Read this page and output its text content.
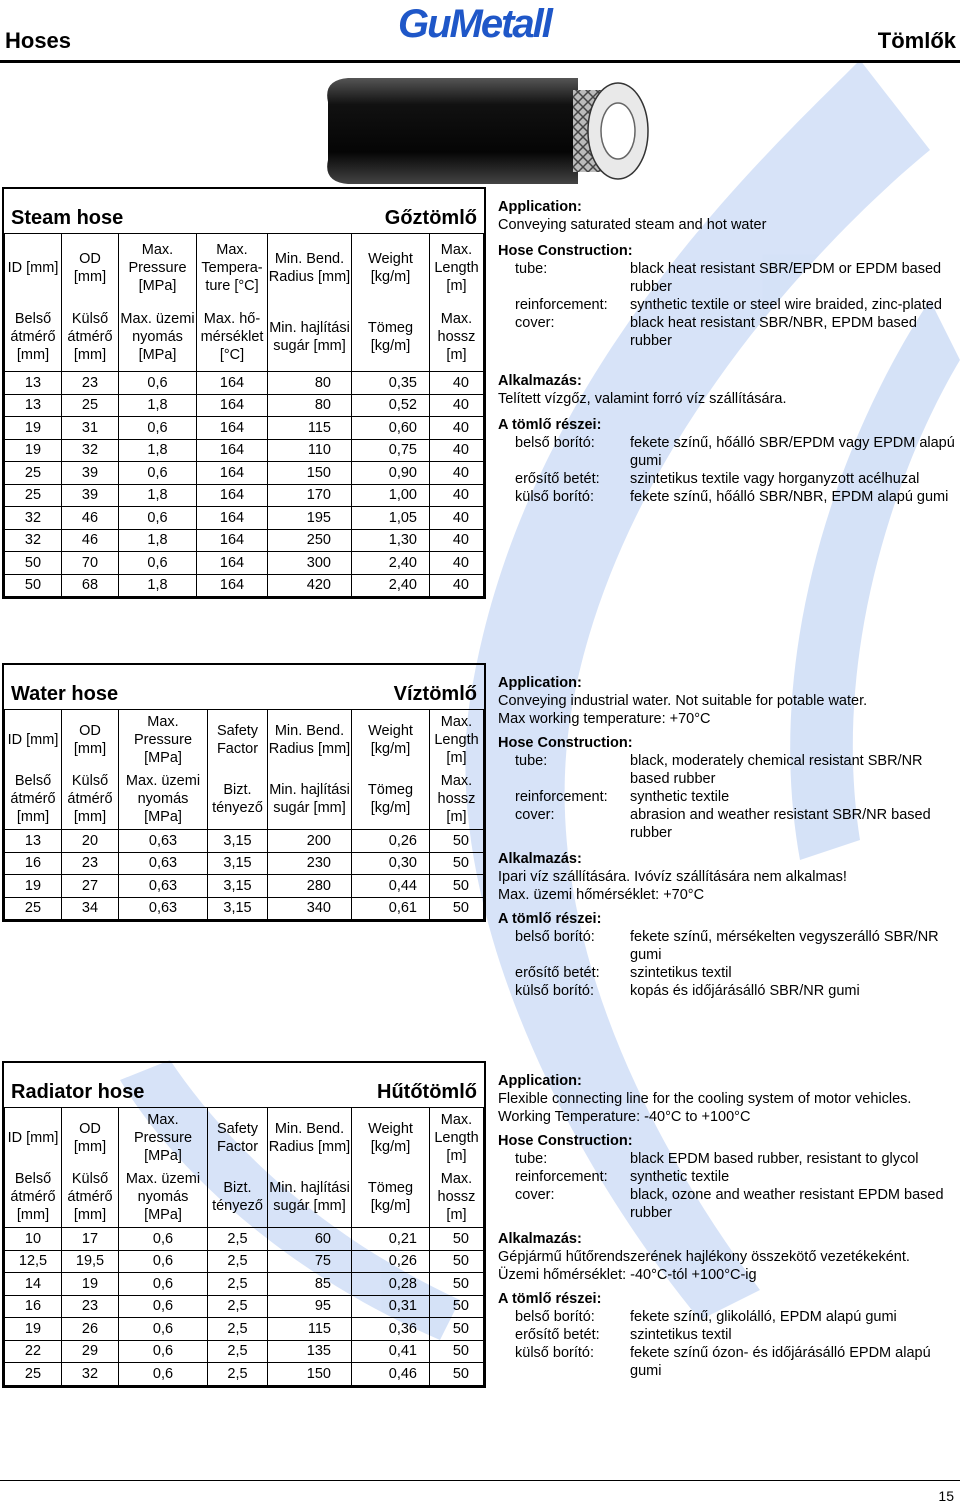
Hoses	GuMetall	Tömlők
Steam hose	Gőztömlő
ID [mm]	OD [mm]	Max. Pressure [MPa]	Max. Tempera-ture [°C]	Min. Bend. Radius [mm]	Weight [kg/m]	Max. Length [m]
Belső átmérő [mm]	Külső átmérő [mm]	Max. üzemi nyomás [MPa]	Max. hő-mérséklet [°C]	Min. hajlítási sugár [mm]	Tömeg [kg/m]	Max. hossz [m]
13	23	0,6	164	80	0,35	40
13	25	1,8	164	80	0,52	40
19	31	0,6	164	115	0,60	40
19	32	1,8	164	110	0,75	40
25	39	0,6	164	150	0,90	40
25	39	1,8	164	170	1,00	40
32	46	0,6	164	195	1,05	40
32	46	1,8	164	250	1,30	40
50	70	0,6	164	300	2,40	40
50	68	1,8	164	420	2,40	40

Application:

Conveying saturated steam and hot water

Hose Construction:

tube:	black heat resistant SBR/EPDM or EPDM based rubber
reinforcement:	synthetic textile or steel wire braided, zinc-plated
cover:	black heat resistant SBR/NBR, EPDM based rubber

Alkalmazás:

Telített vízgőz, valamint forró víz szállítására.

A tömlő részei:

belső borító:	fekete színű, hőálló SBR/EPDM vagy EPDM alapú gumi
erősítő betét:	szintetikus textile vagy horganyzott acélhuzal
külső borító:	fekete színű, hőálló SBR/NBR, EPDM alapú gumi
Water hose	Víztömlő
ID [mm]	OD [mm]	Max. Pressure [MPa]	Safety Factor	Min. Bend. Radius [mm]	Weight [kg/m]	Max. Length [m]
Belső átmérő [mm]	Külső átmérő [mm]	Max. üzemi nyomás [MPa]	Bizt. tényező	Min. hajlítási sugár [mm]	Tömeg [kg/m]	Max. hossz [m]
13	20	0,63	3,15	200	0,26	50
16	23	0,63	3,15	230	0,30	50
19	27	0,63	3,15	280	0,44	50
25	34	0,63	3,15	340	0,61	50

Application:

Conveying industrial water. Not suitable for potable water.

Max working temperature: +70°C

Hose Construction:

tube:	black, moderately chemical resistant SBR/NR based rubber
reinforcement:	synthetic textile
cover:	abrasion and weather resistant SBR/NR based rubber

Alkalmazás:

Ipari víz szállítására. Ivóvíz szállítására nem alkalmas!

Max. üzemi hőmérséklet: +70°C

A tömlő részei:

belső borító:	fekete színű, mérsékelten vegyszerálló SBR/NR gumi
erősítő betét:	szintetikus textil
külső borító:	kopás és időjárásálló SBR/NR gumi
Radiator hose	Hűtőtömlő
ID [mm]	OD [mm]	Max. Pressure [MPa]	Safety Factor	Min. Bend. Radius [mm]	Weight [kg/m]	Max. Length [m]
Belső átmérő [mm]	Külső átmérő [mm]	Max. üzemi nyomás [MPa]	Bizt. tényező	Min. hajlítási sugár [mm]	Tömeg [kg/m]	Max. hossz [m]
10	17	0,6	2,5	60	0,21	50
12,5	19,5	0,6	2,5	75	0,26	50
14	19	0,6	2,5	85	0,28	50
16	23	0,6	2,5	95	0,31	50
19	26	0,6	2,5	115	0,36	50
22	29	0,6	2,5	135	0,41	50
25	32	0,6	2,5	150	0,46	50

Application:

Flexible connecting line for the cooling system of motor vehicles.

Working Temperature: -40°C to +100°C

Hose Construction:

tube:	black EPDM based rubber, resistant to glycol
reinforcement:	synthetic textile
cover:	black, ozone and weather resistant EPDM based rubber

Alkalmazás:

Gépjármű hűtőrendszerének hajlékony összekötő vezetékeként.

Üzemi hőmérséklet: -40°C-tól +100°C-ig

A tömlő részei:

belső borító:	fekete színű, glikolálló, EPDM alapú gumi
erősítő betét:	szintetikus textil
külső borító:	fekete színű ózon- és időjárásálló EPDM alapú gumi
15
